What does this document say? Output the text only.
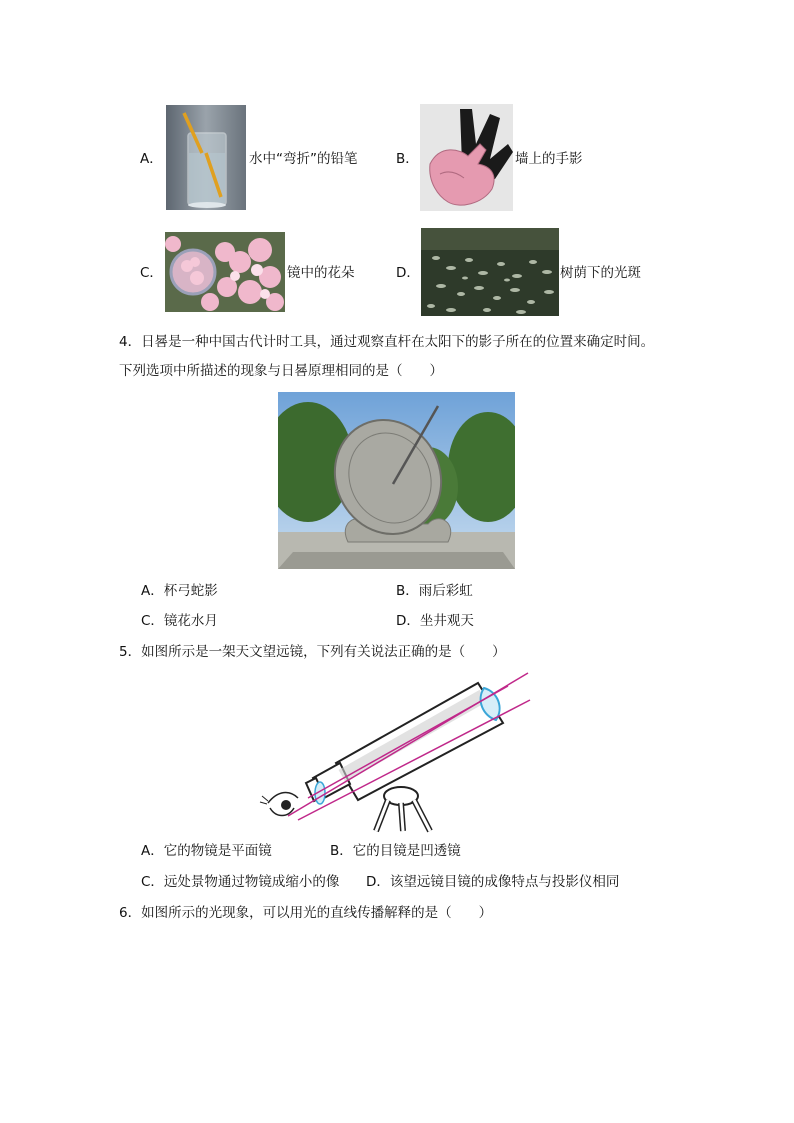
A．	水中“弯折”的铅笔	B．	墙上的手影
C．	镜中的花朵	D．	树荫下的光斑
4．日晷是一种中国古代计时工具，通过观察直杆在太阳下的影子所在的位置来确定时间。
下列选项中所描述的现象与日晷原理相同的是（　　）
A．杯弓蛇影	B．雨后彩虹
C．镜花水月	D．坐井观天
5．如图所示是一架天文望远镜，下列有关说法正确的是（　　）
A．它的物镜是平面镜	B．它的目镜是凹透镜
C．远处景物通过物镜成缩小的像 D．该望远镜目镜的成像特点与投影仪相同
6．如图所示的光现象，可以用光的直线传播解释的是（　　）
